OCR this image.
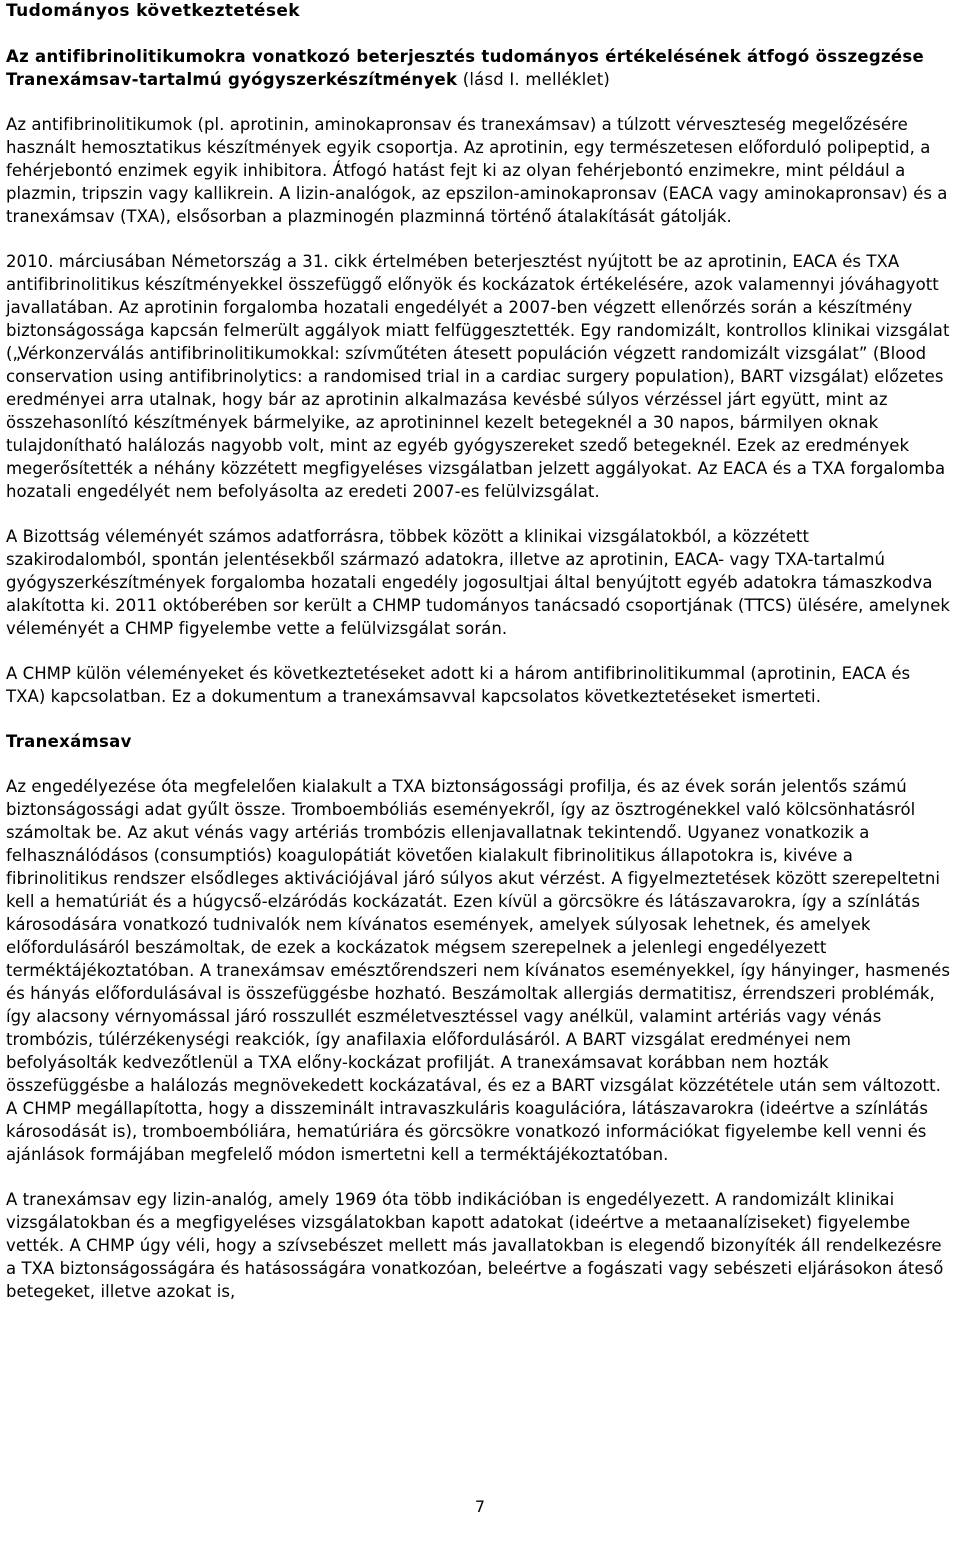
Tudományos következtetések
Az antifibrinolitikumokra vonatkozó beterjesztés tudományos értékelésének átfogó összegzése
Tranexámsav-tartalmú gyógyszerkészítmények (lásd I. melléklet)

Az antifibrinolitikumok (pl. aprotinin, aminokapronsav és tranexámsav) a túlzott vérveszteség megelőzésére használt hemosztatikus készítmények egyik csoportja. Az aprotinin, egy természetesen előforduló polipeptid, a fehérjebontó enzimek egyik inhibitora. Átfogó hatást fejt ki az olyan fehérjebontó enzimekre, mint például a plazmin, tripszin vagy kallikrein. A lizin-analógok, az epszilon-aminokapronsav (EACA vagy aminokapronsav) és a tranexámsav (TXA), elsősorban a plazminogén plazminná történő átalakítását gátolják.

2010. márciusában Németország a 31. cikk értelmében beterjesztést nyújtott be az aprotinin, EACA és TXA antifibrinolitikus készítményekkel összefüggő előnyök és kockázatok értékelésére, azok valamennyi jóváhagyott javallatában. Az aprotinin forgalomba hozatali engedélyét a 2007-ben végzett ellenőrzés során a készítmény biztonságossága kapcsán felmerült aggályok miatt felfüggesztették. Egy randomizált, kontrollos klinikai vizsgálat („Vérkonzerválás antifibrinolitikumokkal: szívműtéten átesett populáción végzett randomizált vizsgálat” (Blood conservation using antifibrinolytics: a randomised trial in a cardiac surgery population), BART vizsgálat) előzetes eredményei arra utalnak, hogy bár az aprotinin alkalmazása kevésbé súlyos vérzéssel járt együtt, mint az összehasonlító készítmények bármelyike, az aprotininnel kezelt betegeknél a 30 napos, bármilyen oknak tulajdonítható halálozás nagyobb volt, mint az egyéb gyógyszereket szedő betegeknél. Ezek az eredmények megerősítették a néhány közzétett megfigyeléses vizsgálatban jelzett aggályokat. Az EACA és a TXA forgalomba hozatali engedélyét nem befolyásolta az eredeti 2007-es felülvizsgálat.

A Bizottság véleményét számos adatforrásra, többek között a klinikai vizsgálatokból, a közzétett szakirodalomból, spontán jelentésekből származó adatokra, illetve az aprotinin, EACA- vagy TXA-tartalmú gyógyszerkészítmények forgalomba hozatali engedély jogosultjai által benyújtott egyéb adatokra támaszkodva alakította ki. 2011 októberében sor került a CHMP tudományos tanácsadó csoportjának (TTCS) ülésére, amelynek véleményét a CHMP figyelembe vette a felülvizsgálat során.

A CHMP külön véleményeket és következtetéseket adott ki a három antifibrinolitikummal (aprotinin, EACA és TXA) kapcsolatban. Ez a dokumentum a tranexámsavval kapcsolatos következtetéseket ismerteti.

Tranexámsav

Az engedélyezése óta megfelelően kialakult a TXA biztonságossági profilja, és az évek során jelentős számú biztonságossági adat gyűlt össze. Tromboembóliás eseményekről, így az ösztrogénekkel való kölcsönhatásról számoltak be. Az akut vénás vagy artériás trombózis ellenjavallatnak tekintendő. Ugyanez vonatkozik a felhasználódásos (consumptiós) koagulopátiát követően kialakult fibrinolitikus állapotokra is, kivéve a fibrinolitikus rendszer elsődleges aktivációjával járó súlyos akut vérzést. A figyelmeztetések között szerepeltetni kell a hematúriát és a húgycső-elzáródás kockázatát. Ezen kívül a görcsökre és látászavarokra, így a színlátás károsodására vonatkozó tudnivalók nem kívánatos események, amelyek súlyosak lehetnek, és amelyek előfordulásáról beszámoltak, de ezek a kockázatok mégsem szerepelnek a jelenlegi engedélyezett terméktájékoztatóban. A tranexámsav emésztőrendszeri nem kívánatos eseményekkel, így hányinger, hasmenés és hányás előfordulásával is összefüggésbe hozható. Beszámoltak allergiás dermatitisz, érrendszeri problémák, így alacsony vérnyomással járó rosszullét eszméletvesztéssel vagy anélkül, valamint artériás vagy vénás trombózis, túlérzékenységi reakciók, így anafilaxia előfordulásáról. A BART vizsgálat eredményei nem befolyásolták kedvezőtlenül a TXA előny-kockázat profilját. A tranexámsavat korábban nem hozták összefüggésbe a halálozás megnövekedett kockázatával, és ez a BART vizsgálat közzététele után sem változott. A CHMP megállapította, hogy a disszeminált intravaszkuláris koagulációra, látászavarokra (ideértve a színlátás károsodását is), tromboembóliára, hematúriára és görcsökre vonatkozó információkat figyelembe kell venni és ajánlások formájában megfelelő módon ismertetni kell a terméktájékoztatóban.

A tranexámsav egy lizin-analóg, amely 1969 óta több indikációban is engedélyezett. A randomizált klinikai vizsgálatokban és a megfigyeléses vizsgálatokban kapott adatokat (ideértve a metaanalíziseket) figyelembe vették. A CHMP úgy véli, hogy a szívsebészet mellett más javallatokban is elegendő bizonyíték áll rendelkezésre a TXA biztonságosságára és hatásosságára vonatkozóan, beleértve a fogászati vagy sebészeti eljárásokon áteső betegeket, illetve azokat is,

7
